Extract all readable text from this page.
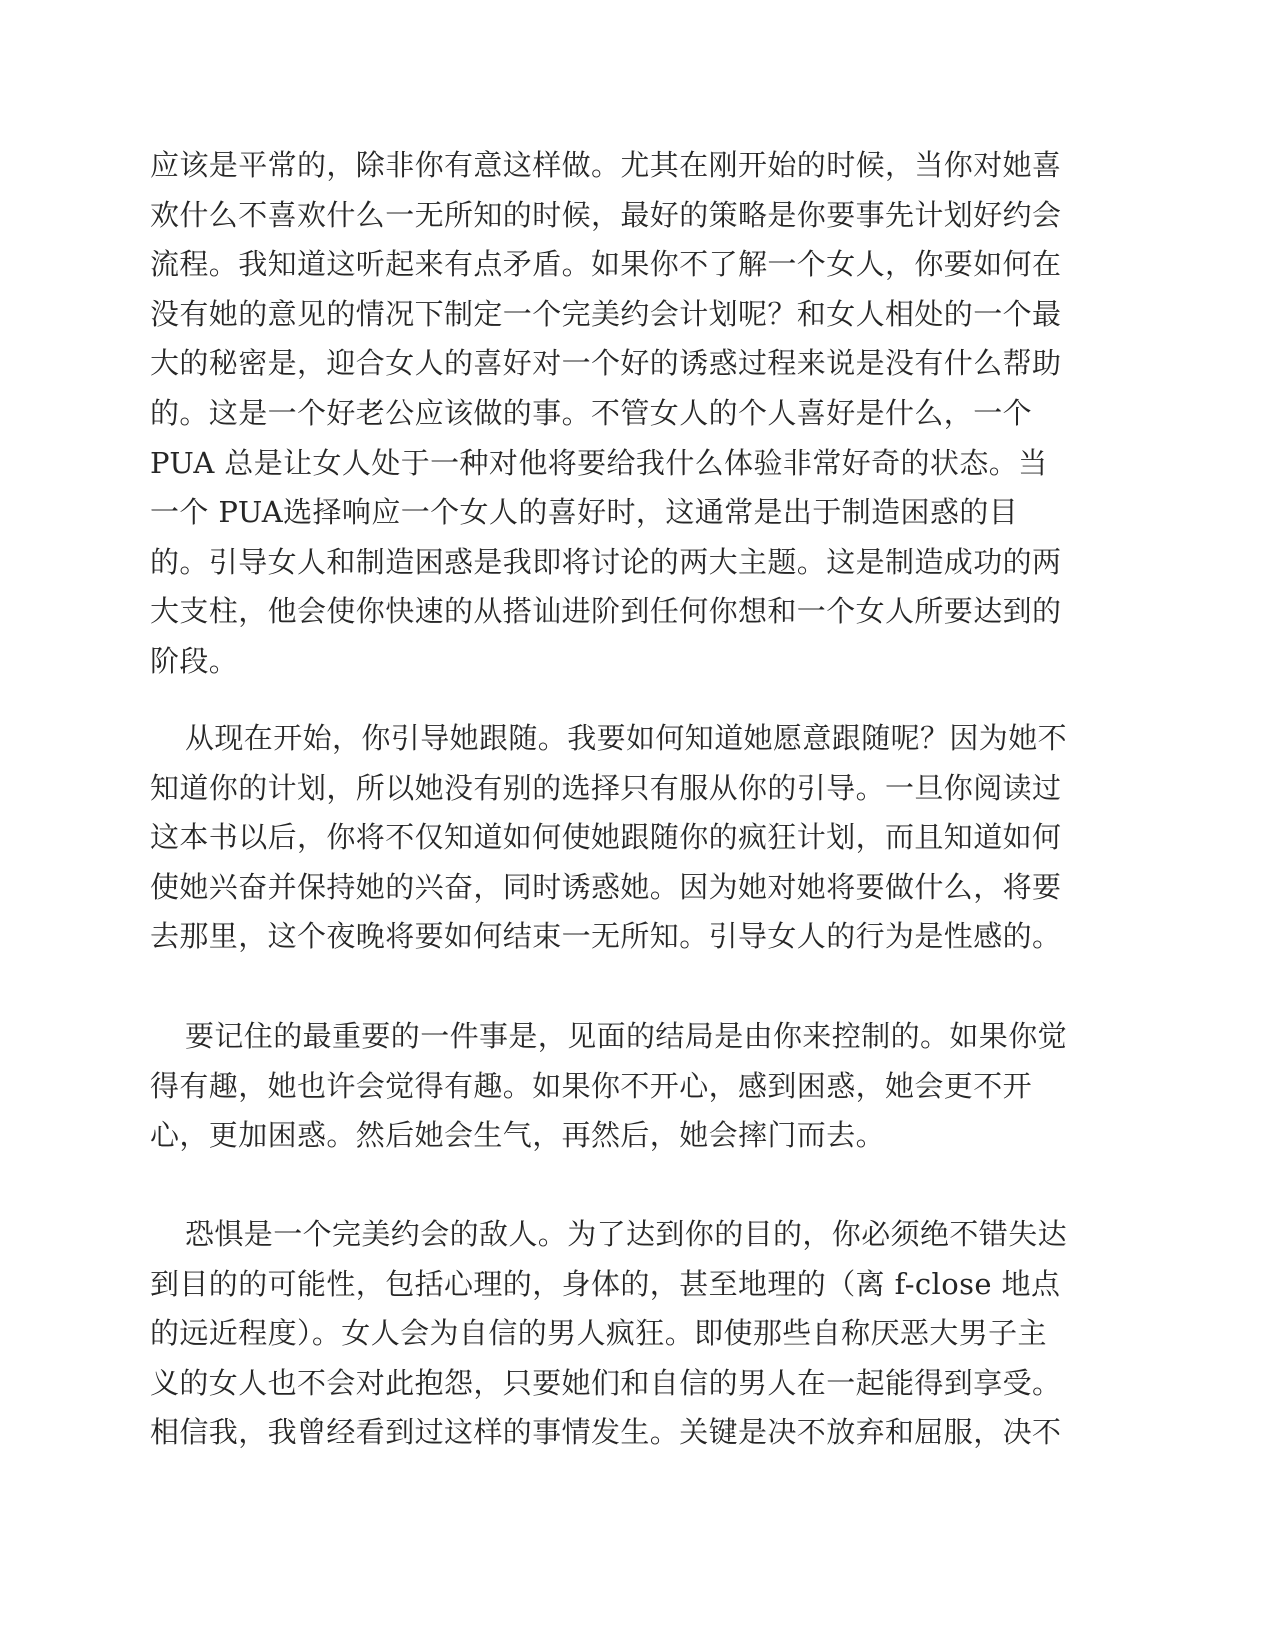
应该是平常的，除非你有意这样做。尤其在刚开始的时候，当你对她喜
欢什么不喜欢什么一无所知的时候，最好的策略是你要事先计划好约会
流程。我知道这听起来有点矛盾。如果你不了解一个女人，你要如何在
没有她的意见的情况下制定一个完美约会计划呢？和女人相处的一个最
大的秘密是，迎合女人的喜好对一个好的诱惑过程来说是没有什么帮助
的。这是一个好老公应该做的事。不管女人的个人喜好是什么，一个
PUA 总是让女人处于一种对他将要给我什么体验非常好奇的状态。当
一个 PUA选择响应一个女人的喜好时，这通常是出于制造困惑的目
的。引导女人和制造困惑是我即将讨论的两大主题。这是制造成功的两
大支柱，他会使你快速的从搭讪进阶到任何你想和一个女人所要达到的
阶段。
从现在开始，你引导她跟随。我要如何知道她愿意跟随呢？因为她不
知道你的计划，所以她没有别的选择只有服从你的引导。一旦你阅读过
这本书以后，你将不仅知道如何使她跟随你的疯狂计划，而且知道如何
使她兴奋并保持她的兴奋，同时诱惑她。因为她对她将要做什么，将要
去那里，这个夜晚将要如何结束一无所知。引导女人的行为是性感的。
要记住的最重要的一件事是，见面的结局是由你来控制的。如果你觉
得有趣，她也许会觉得有趣。如果你不开心，感到困惑，她会更不开
心，更加困惑。然后她会生气，再然后，她会摔门而去。
恐惧是一个完美约会的敌人。为了达到你的目的，你必须绝不错失达
到目的的可能性，包括心理的，身体的，甚至地理的（离 f-close 地点
的远近程度）。女人会为自信的男人疯狂。即使那些自称厌恶大男子主
义的女人也不会对此抱怨，只要她们和自信的男人在一起能得到享受。
相信我，我曾经看到过这样的事情发生。关键是决不放弃和屈服，决不
